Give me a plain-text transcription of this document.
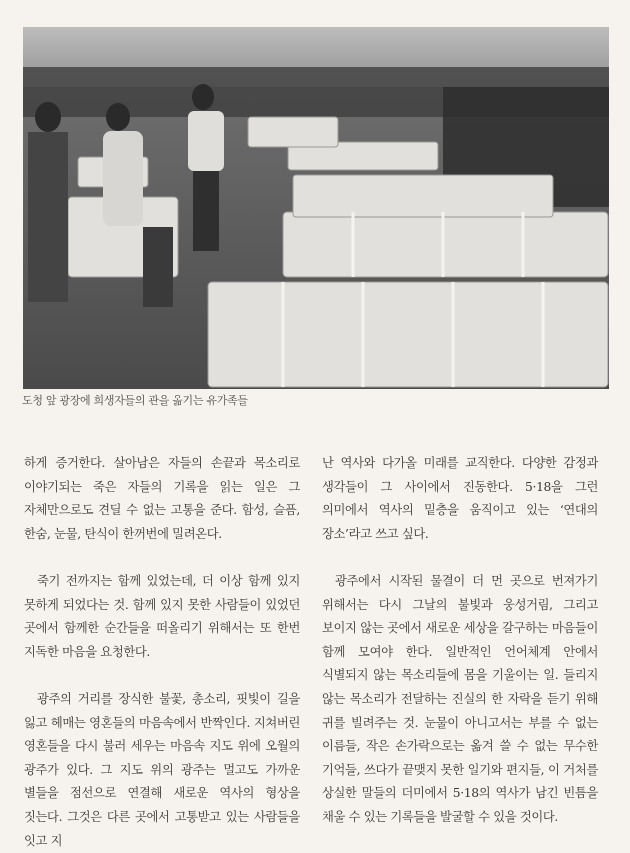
도청 앞 광장에 희생자들의 관을 옮기는 유가족들

하게 증거한다. 살아남은 자들의 손끝과 목소리로 이야기되는 죽은 자들의 기록을 읽는 일은 그 자체만으로도 견딜 수 없는 고통을 준다. 함성, 슬픔, 한숨, 눈물, 탄식이 한꺼번에 밀려온다.

죽기 전까지는 함께 있었는데, 더 이상 함께 있지 못하게 되었다는 것. 함께 있지 못한 사람들이 있었던 곳에서 함께한 순간들을 떠올리기 위해서는 또 한번 지독한 마음을 요청한다.

광주의 거리를 장식한 불꽃, 총소리, 핏빛이 길을 잃고 헤매는 영혼들의 마음속에서 반짝인다. 지쳐버린 영혼들을 다시 불러 세우는 마음속 지도 위에 오월의 광주가 있다. 그 지도 위의 광주는 멀고도 가까운 별들을 점선으로 연결해 새로운 역사의 형상을 짓는다. 그것은 다른 곳에서 고통받고 있는 사람들을 잇고 지

난 역사와 다가올 미래를 교직한다. 다양한 감정과 생각들이 그 사이에서 진동한다. 5·18을 그런 의미에서 역사의 밑층을 움직이고 있는 ‘연대의 장소’라고 쓰고 싶다.

광주에서 시작된 물결이 더 먼 곳으로 번져가기 위해서는 다시 그날의 불빛과 웅성거림, 그리고 보이지 않는 곳에서 새로운 세상을 갈구하는 마음들이 함께 모여야 한다. 일반적인 언어체계 안에서 식별되지 않는 목소리들에 몸을 기울이는 일. 들리지 않는 목소리가 전달하는 진실의 한 자락을 듣기 위해 귀를 빌려주는 것. 눈물이 아니고서는 부를 수 없는 이름들, 작은 손가락으로는 옮겨 쓸 수 없는 무수한 기억들, 쓰다가 끝맺지 못한 일기와 편지들, 이 거처를 상실한 말들의 더미에서 5·18의 역사가 남긴 빈틈을 채울 수 있는 기록들을 발굴할 수 있을 것이다.
